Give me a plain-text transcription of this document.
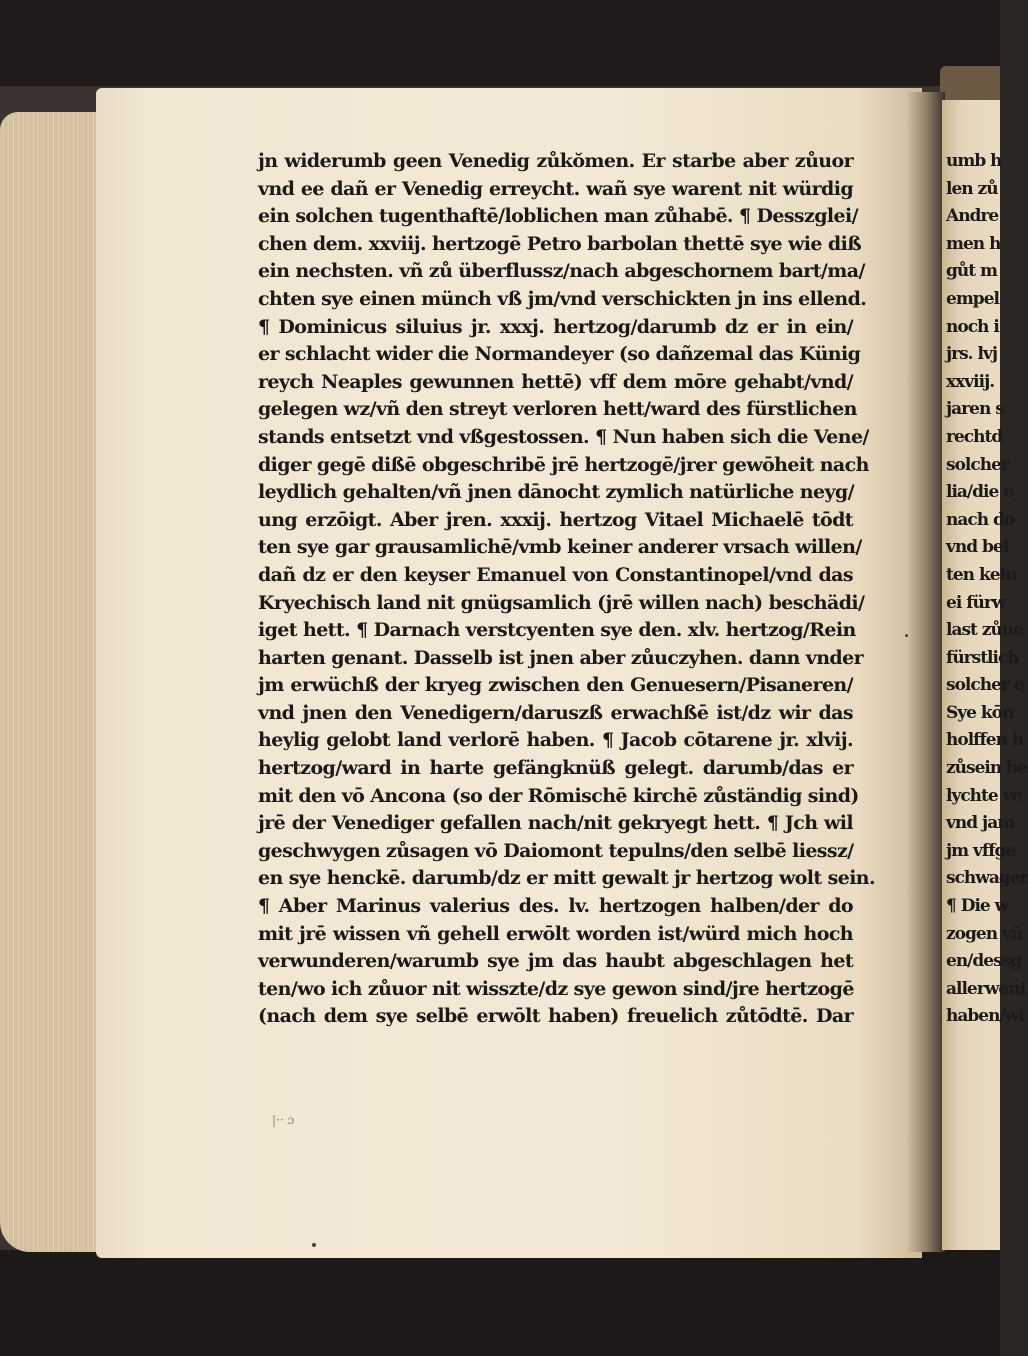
jn widerumb geen Venedig zůkŏmen. Er starbe aber zůuor
vnd ee dañ er Venedig erreycht. wañ sye warent nit würdig
ein solchen tugenthaftē/loblichen man zůhabē. ¶ Desszglei/
chen dem. xxviij. hertzogē Petro barbolan thettē sye wie diß
ein nechsten. vñ zů überflussz/nach abgeschornem bart/ma/
chten sye einen münch vß jm/vnd verschickten jn ins ellend.
¶ Dominicus siluius jr. xxxj. hertzog/darumb dz er in ein/
er schlacht wider die Normandeyer (so dañzemal das Künig
reych Neaples gewunnen hettē) vff dem mōre gehabt/vnd/
gelegen wz/vñ den streyt verloren hett/ward des fürstlichen
stands entsetzt vnd vßgestossen. ¶ Nun haben sich die Vene/
diger gegē dißē obgeschribē jrē hertzogē/jrer gewōheit nach
leydlich gehalten/vñ jnen dānocht zymlich natürliche neyg/
ung erzōigt. Aber jren. xxxij. hertzog Vitael Michaelē tōdt
ten sye gar grausamlichē/vmb keiner anderer vrsach willen/
dañ dz er den keyser Emanuel von Constantinopel/vnd das
Kryechisch land nit gnügsamlich (jrē willen nach) beschädi/
iget hett. ¶ Darnach verstcyenten sye den. xlv. hertzog/Rein
harten genant. Dasselb ist jnen aber zůuczyhen. dann vnder
jm erwüchß der kryeg zwischen den Genuesern/Pisaneren/
vnd jnen den Venedigern/daruszß erwachßē ist/dz wir das
heylig gelobt land verlorē haben. ¶ Jacob cōtarene jr. xlvij.
hertzog/ward in harte gefängknüß gelegt. darumb/das er
mit den vō Ancona (so der Rōmischē kirchē zůständig sind)
jrē der Venediger gefallen nach/nit gekryegt hett. ¶ Jch wil
geschwygen zůsagen vō Daiomont tepulns/den selbē liessz/
en sye henckē. darumb/dz er mitt gewalt jr hertzog wolt sein.
¶ Aber Marinus valerius des. lv. hertzogen halben/der do
mit jrē wissen vñ gehell erwōlt worden ist/würd mich hoch
verwunderen/warumb sye jm das haubt abgeschlagen het
ten/wo ich zůuor nit wisszte/dz sye gewon sind/jre hertzogē
(nach dem sye selbē erwōlt haben) freuelich zůtōdtē. Dar
umb h
len zů
Andre
men h
gůt m
empel
noch i
jrs. lvj
xxviij.
jaren s
rechtd
solcher
lia/die e
nach do
vnd bel
ten kein
ei fürw
last zůue
fürstlich
solcher e
Sye kōn
holffen h
zůsein be
lychte ve
vnd jam
jm vffge
schwager
¶ Die w
zogen vñ
en/dessg
allerweni
haben/wi
|·· ɔ
